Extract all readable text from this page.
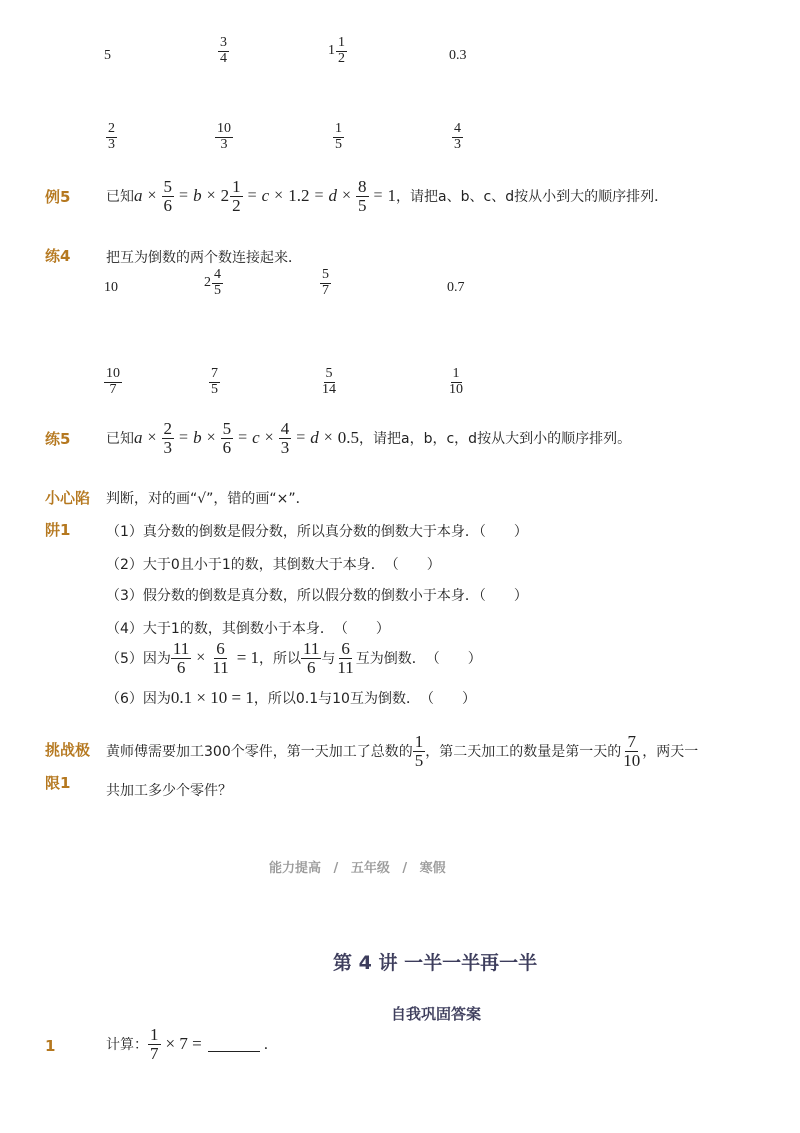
5	$\frac{3}{4}$	$1 \frac{1}{2}$	0.3
$\frac{2}{3}$	$\frac{10}{3}$	$\frac{1}{5}$	$\frac{4}{3}$
例5	已知 $a \times \frac{5}{6} = b \times 2 \frac{1}{2} = c \times 1.2 = d \times \frac{8}{5} = 1$ ，请把a、b、c、d按从小到大的顺序排列．
练4	把互为倒数的两个数连接起来．
10	$2 \frac{4}{5}$	$\frac{5}{7}$	0.7
$\frac{10}{7}$	$\frac{7}{5}$	$\frac{5}{14}$	$\frac{1}{10}$
练5	已知 $a \times \frac{2}{3} = b \times \frac{5}{6} = c \times \frac{4}{3} = d \times 0.5$ ，请把a，b，c，d按从大到小的顺序排列。
小心陷
阱1
判断，对的画“√”，错的画“×”．
（1）真分数的倒数是假分数，所以真分数的倒数大于本身．（　　）
（2）大于0且小于1的数，其倒数大于本身．　（　　）
（3）假分数的倒数是真分数，所以假分数的倒数小于本身．（　　）
（4）大于1的数，其倒数小于本身．　（　　）
（5）因为 $\frac{11}{6} \times \frac{6}{11} = 1$ ，所以 $\frac{11}{6}$ 与 $\frac{6}{11}$ 互为倒数．　（　　）
（6）因为 0.1 × 10 = 1 ，所以0.1与10互为倒数．　（　　）
挑战极
限1
黄师傅需要加工300个零件，第一天加工了总数的 $\frac{1}{5}$ ，第二天加工的数量是第一天的 $\frac{7}{10}$ ，两天一
共加工多少个零件？
能力提高 / 五年级 / 寒假
第 4 讲 一半一半再一半
自我巩固答案
1	计算： $\frac{1}{7} \times 7$ =	．
